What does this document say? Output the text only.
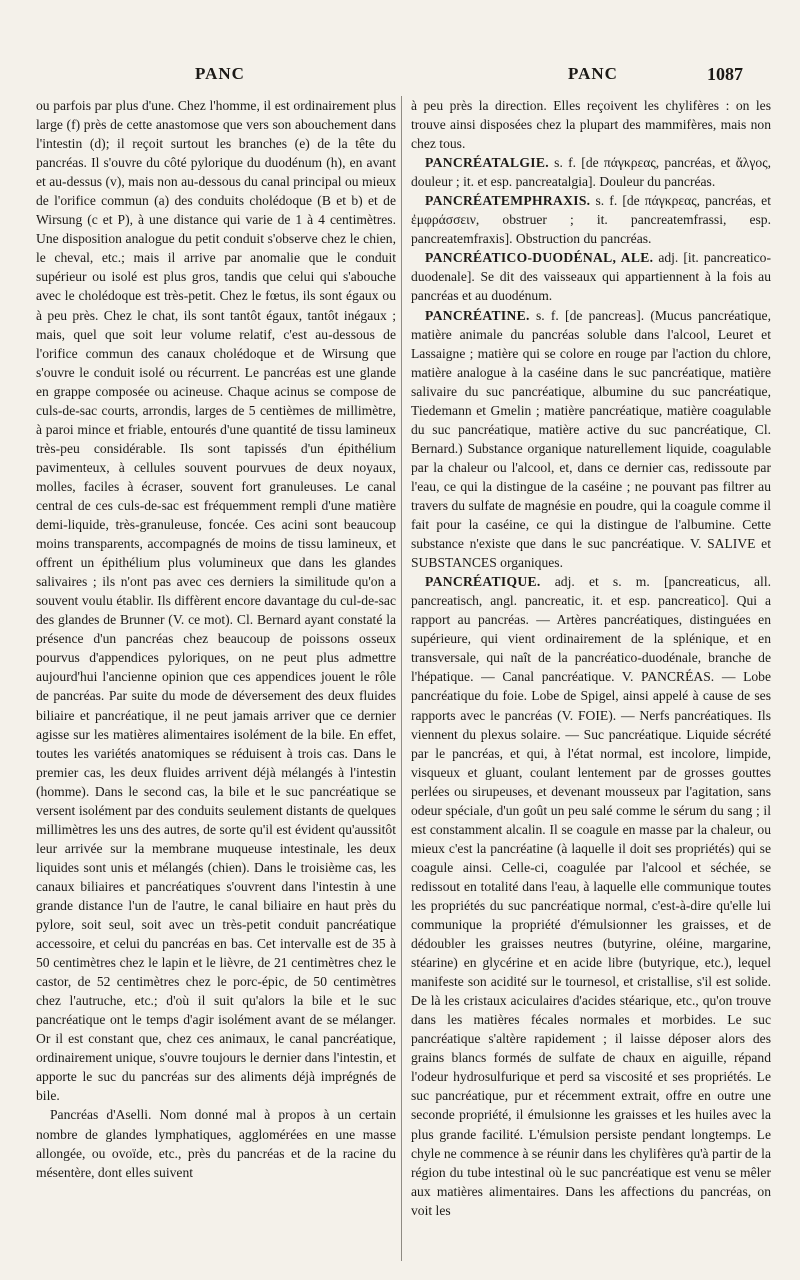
PANC	PANC	1087

ou parfois par plus d'une. Chez l'homme, il est ordinairement plus large (f) près de cette anastomose que vers son abouchement dans l'intestin (d); il reçoit surtout les branches (e) de la tête du pancréas. Il s'ouvre du côté pylorique du duodénum (h), en avant et au-dessus (v), mais non au-dessous du canal principal ou mieux de l'orifice commun (a) des conduits cholédoque (B et b) et de Wirsung (c et P), à une distance qui varie de 1 à 4 centimètres. Une disposition analogue du petit conduit s'observe chez le chien, le cheval, etc.; mais il arrive par anomalie que le conduit supérieur ou isolé est plus gros, tandis que celui qui s'abouche avec le cholédoque est très-petit. Chez le fœtus, ils sont égaux ou à peu près. Chez le chat, ils sont tantôt égaux, tantôt inégaux ; mais, quel que soit leur volume relatif, c'est au-dessous de l'orifice commun des canaux cholédoque et de Wirsung que s'ouvre le conduit isolé ou récurrent. Le pancréas est une glande en grappe composée ou acineuse. Chaque acinus se compose de culs-de-sac courts, arrondis, larges de 5 centièmes de millimètre, à paroi mince et friable, entourés d'une quantité de tissu lamineux très-peu considérable. Ils sont tapissés d'un épithélium pavimenteux, à cellules souvent pourvues de deux noyaux, molles, faciles à écraser, souvent fort granuleuses. Le canal central de ces culs-de-sac est fréquemment rempli d'une matière demi-liquide, très-granuleuse, foncée. Ces acini sont beaucoup moins transparents, accompagnés de moins de tissu lamineux, et offrent un épithélium plus volumineux que dans les glandes salivaires ; ils n'ont pas avec ces derniers la similitude qu'on a souvent voulu établir. Ils diffèrent encore davantage du cul-de-sac des glandes de Brunner (V. ce mot). Cl. Bernard ayant constaté la présence d'un pancréas chez beaucoup de poissons osseux pourvus d'appendices pyloriques, on ne peut plus admettre aujourd'hui l'ancienne opinion que ces appendices jouent le rôle de pancréas. Par suite du mode de déversement des deux fluides biliaire et pancréatique, il ne peut jamais arriver que ce dernier agisse sur les matières alimentaires isolément de la bile. En effet, toutes les variétés anatomiques se réduisent à trois cas. Dans le premier cas, les deux fluides arrivent déjà mélangés à l'intestin (homme). Dans le second cas, la bile et le suc pancréatique se versent isolément par des conduits seulement distants de quelques millimètres les uns des autres, de sorte qu'il est évident qu'aussitôt leur arrivée sur la membrane muqueuse intestinale, les deux liquides sont unis et mélangés (chien). Dans le troisième cas, les canaux biliaires et pancréatiques s'ouvrent dans l'intestin à une grande distance l'un de l'autre, le canal biliaire en haut près du pylore, soit seul, soit avec un très-petit conduit pancréatique accessoire, et celui du pancréas en bas. Cet intervalle est de 35 à 50 centimètres chez le lapin et le lièvre, de 21 centimètres chez le castor, de 52 centimètres chez le porc-épic, de 50 centimètres chez l'autruche, etc.; d'où il suit qu'alors la bile et le suc pancréatique ont le temps d'agir isolément avant de se mélanger. Or il est constant que, chez ces animaux, le canal pancréatique, ordinairement unique, s'ouvre toujours le dernier dans l'intestin, et apporte le suc du pancréas sur des aliments déjà imprégnés de bile.

Pancréas d'Aselli. Nom donné mal à propos à un certain nombre de glandes lymphatiques, agglomérées en une masse allongée, ou ovoïde, etc., près du pancréas et de la racine du mésentère, dont elles suivent

à peu près la direction. Elles reçoivent les chylifères : on les trouve ainsi disposées chez la plupart des mammifères, mais non chez tous.

PANCRÉATALGIE. s. f. [de πάγκρεας, pancréas, et ἄλγος, douleur ; it. et esp. pancreatalgia]. Douleur du pancréas.

PANCRÉATEMPHRAXIS. s. f. [de πάγκρεας, pancréas, et ἐμφράσσειν, obstruer ; it. pancreatemfrassi, esp. pancreatemfraxis]. Obstruction du pancréas.

PANCRÉATICO-DUODÉNAL, ALE. adj. [it. pancreatico-duodenale]. Se dit des vaisseaux qui appartiennent à la fois au pancréas et au duodénum.

PANCRÉATINE. s. f. [de pancreas]. (Mucus pancréatique, matière animale du pancréas soluble dans l'alcool, Leuret et Lassaigne ; matière qui se colore en rouge par l'action du chlore, matière analogue à la caséine dans le suc pancréatique, matière salivaire du suc pancréatique, albumine du suc pancréatique, Tiedemann et Gmelin ; matière pancréatique, matière coagulable du suc pancréatique, matière active du suc pancréatique, Cl. Bernard.) Substance organique naturellement liquide, coagulable par la chaleur ou l'alcool, et, dans ce dernier cas, redissoute par l'eau, ce qui la distingue de la caséine ; ne pouvant pas filtrer au travers du sulfate de magnésie en poudre, qui la coagule comme il fait pour la caséine, ce qui la distingue de l'albumine. Cette substance n'existe que dans le suc pancréatique. V. SALIVE et SUBSTANCES organiques.

PANCRÉATIQUE. adj. et s. m. [pancreaticus, all. pancreatisch, angl. pancreatic, it. et esp. pancreatico]. Qui a rapport au pancréas. — Artères pancréatiques, distinguées en supérieure, qui vient ordinairement de la splénique, et en transversale, qui naît de la pancréatico-duodénale, branche de l'hépatique. — Canal pancréatique. V. PANCRÉAS. — Lobe pancréatique du foie. Lobe de Spigel, ainsi appelé à cause de ses rapports avec le pancréas (V. FOIE). — Nerfs pancréatiques. Ils viennent du plexus solaire. — Suc pancréatique. Liquide sécrété par le pancréas, et qui, à l'état normal, est incolore, limpide, visqueux et gluant, coulant lentement par de grosses gouttes perlées ou sirupeuses, et devenant mousseux par l'agitation, sans odeur spéciale, d'un goût un peu salé comme le sérum du sang ; il est constamment alcalin. Il se coagule en masse par la chaleur, ou mieux c'est la pancréatine (à laquelle il doit ses propriétés) qui se coagule ainsi. Celle-ci, coagulée par l'alcool et séchée, se redissout en totalité dans l'eau, à laquelle elle communique toutes les propriétés du suc pancréatique normal, c'est-à-dire qu'elle lui communique la propriété d'émulsionner les graisses, et de dédoubler les graisses neutres (butyrine, oléine, margarine, stéarine) en glycérine et en acide libre (butyrique, etc.), lequel manifeste son acidité sur le tournesol, et cristallise, s'il est solide. De là les cristaux aciculaires d'acides stéarique, etc., qu'on trouve dans les matières fécales normales et morbides. Le suc pancréatique s'altère rapidement ; il laisse déposer alors des grains blancs formés de sulfate de chaux en aiguille, répand l'odeur hydrosulfurique et perd sa viscosité et ses propriétés. Le suc pancréatique, pur et récemment extrait, offre en outre une seconde propriété, il émulsionne les graisses et les huiles avec la plus grande facilité. L'émulsion persiste pendant longtemps. Le chyle ne commence à se réunir dans les chylifères qu'à partir de la région du tube intestinal où le suc pancréatique est venu se mêler aux matières alimentaires. Dans les affections du pancréas, on voit les
